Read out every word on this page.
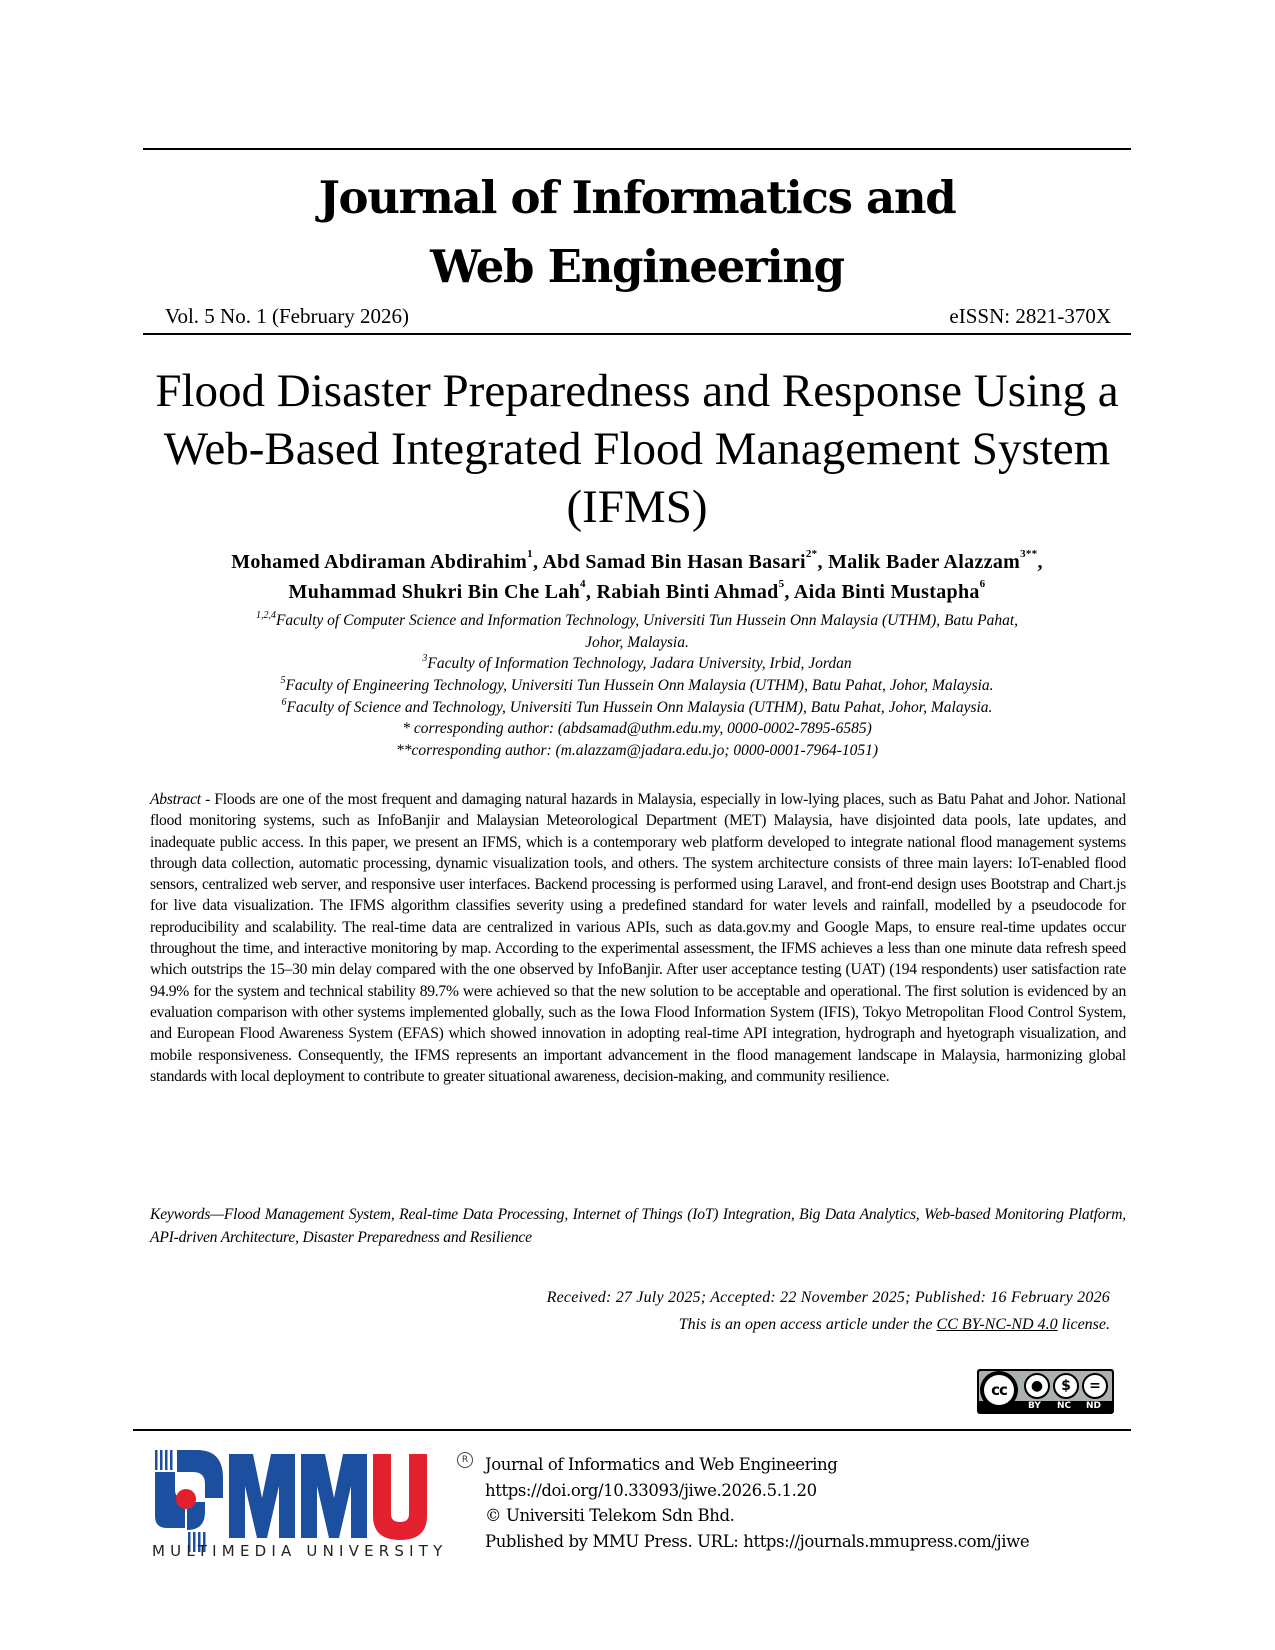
Journal of Informatics and
Web Engineering
Vol. 5 No. 1 (February 2026)	eISSN: 2821-370X
Flood Disaster Preparedness and Response Using a Web-Based Integrated Flood Management System (IFMS)
Mohamed Abdiraman Abdirahim$^1$, Abd Samad Bin Hasan Basari$^{2*}$, Malik Bader Alazzam$^{3**}$,
Muhammad Shukri Bin Che Lah$^4$, Rabiah Binti Ahmad$^5$, Aida Binti Mustapha$^6$
$^{1,2,4}$Faculty of Computer Science and Information Technology, Universiti Tun Hussein Onn Malaysia (UTHM), Batu Pahat,
Johor, Malaysia.
$^3$Faculty of Information Technology, Jadara University, Irbid, Jordan
$^5$Faculty of Engineering Technology, Universiti Tun Hussein Onn Malaysia (UTHM), Batu Pahat, Johor, Malaysia.
$^6$Faculty of Science and Technology, Universiti Tun Hussein Onn Malaysia (UTHM), Batu Pahat, Johor, Malaysia.
* corresponding author: (abdsamad@uthm.edu.my, 0000-0002-7895-6585)
**corresponding author: (m.alazzam@jadara.edu.jo; 0000-0001-7964-1051)
Abstract - Floods are one of the most frequent and damaging natural hazards in Malaysia, especially in low-lying places, such as Batu Pahat and Johor. National flood monitoring systems, such as InfoBanjir and Malaysian Meteorological Department (MET) Malaysia, have disjointed data pools, late updates, and inadequate public access. In this paper, we present an IFMS, which is a contemporary web platform developed to integrate national flood management systems through data collection, automatic processing, dynamic visualization tools, and others. The system architecture consists of three main layers: IoT-enabled flood sensors, centralized web server, and responsive user interfaces. Backend processing is performed using Laravel, and front-end design uses Bootstrap and Chart.js for live data visualization. The IFMS algorithm classifies severity using a predefined standard for water levels and rainfall, modelled by a pseudocode for reproducibility and scalability. The real-time data are centralized in various APIs, such as data.gov.my and Google Maps, to ensure real-time updates occur throughout the time, and interactive monitoring by map. According to the experimental assessment, the IFMS achieves a less than one minute data refresh speed which outstrips the 15–30 min delay compared with the one observed by InfoBanjir. After user acceptance testing (UAT) (194 respondents) user satisfaction rate 94.9% for the system and technical stability 89.7% were achieved so that the new solution to be acceptable and operational. The first solution is evidenced by an evaluation comparison with other systems implemented globally, such as the Iowa Flood Information System (IFIS), Tokyo Metropolitan Flood Control System, and European Flood Awareness System (EFAS) which showed innovation in adopting real-time API integration, hydrograph and hyetograph visualization, and mobile responsiveness. Consequently, the IFMS represents an important advancement in the flood management landscape in Malaysia, harmonizing global standards with local deployment to contribute to greater situational awareness, decision-making, and community resilience.
Keywords—Flood Management System, Real-time Data Processing, Internet of Things (IoT) Integration, Big Data Analytics, Web-based Monitoring Platform, API-driven Architecture, Disaster Preparedness and Resilience
Received: 27 July 2025; Accepted: 22 November 2025; Published: 16 February 2026
This is an open access article under the CC BY-NC-ND 4.0 license.
cc	●	$	=
BY NC ND
R
MULTIMEDIA UNIVERSITY
Journal of Informatics and Web Engineering
https://doi.org/10.33093/jiwe.2026.5.1.20
© Universiti Telekom Sdn Bhd.
Published by MMU Press. URL: https://journals.mmupress.com/jiwe
